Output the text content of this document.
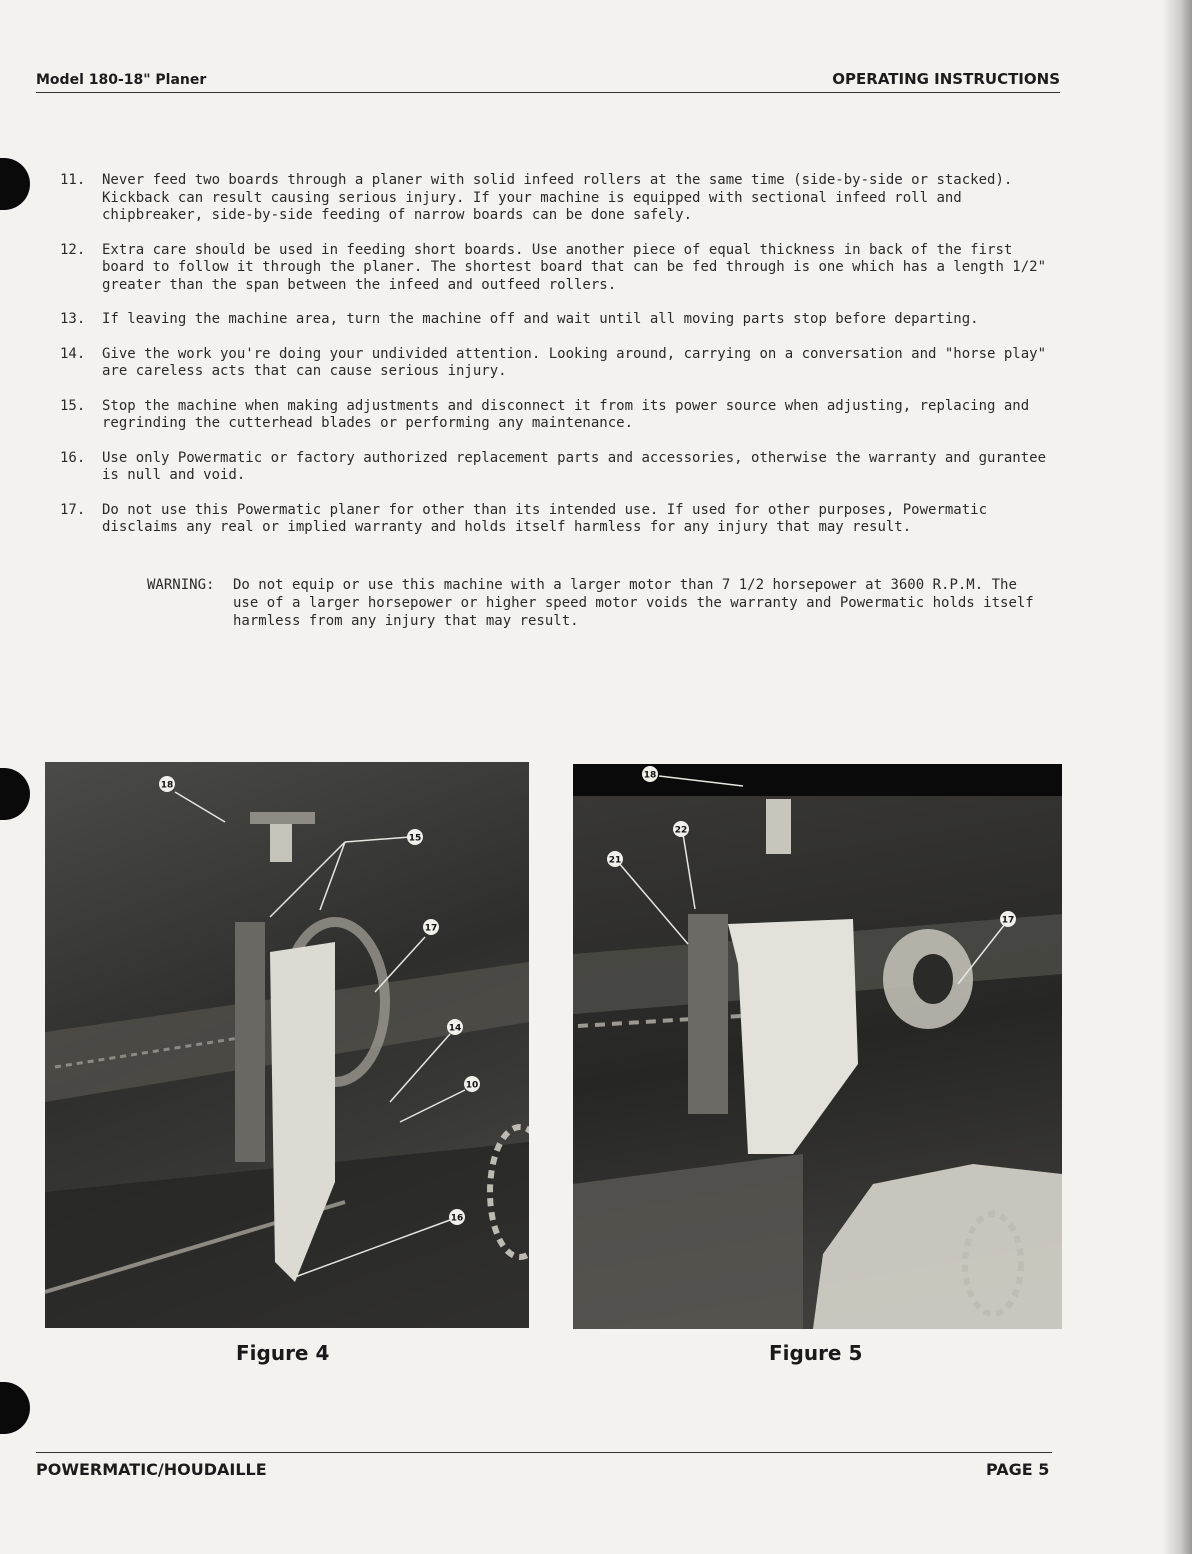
Model 180-18" Planer	OPERATING INSTRUCTIONS
11.	Never feed two boards through a planer with solid infeed rollers at the same time (side-by-side or stacked). Kickback can result causing serious injury. If your machine is equipped with sectional infeed roll and chipbreaker, side-by-side feeding of narrow boards can be done safely.
12.	Extra care should be used in feeding short boards. Use another piece of equal thickness in back of the first board to follow it through the planer. The shortest board that can be fed through is one which has a length 1/2" greater than the span between the infeed and outfeed rollers.
13.	If leaving the machine area, turn the machine off and wait until all moving parts stop before departing.
14.	Give the work you're doing your undivided attention. Looking around, carrying on a conversation and "horse play" are careless acts that can cause serious injury.
15.	Stop the machine when making adjustments and disconnect it from its power source when adjusting, replacing and regrinding the cutterhead blades or performing any maintenance.
16.	Use only Powermatic or factory authorized replacement parts and accessories, otherwise the warranty and gurantee is null and void.
17.	Do not use this Powermatic planer for other than its intended use. If used for other purposes, Powermatic disclaims any real or implied warranty and holds itself harmless for any injury that may result.
WARNING:	Do not equip or use this machine with a larger motor than 7 1/2 horsepower at 3600 R.P.M. The use of a larger horsepower or higher speed motor voids the warranty and Powermatic holds itself harmless from any injury that may result.
18
15
17
14
10
16
Figure 4
18
22
21
17
Figure 5
POWERMATIC/HOUDAILLE	PAGE 5
